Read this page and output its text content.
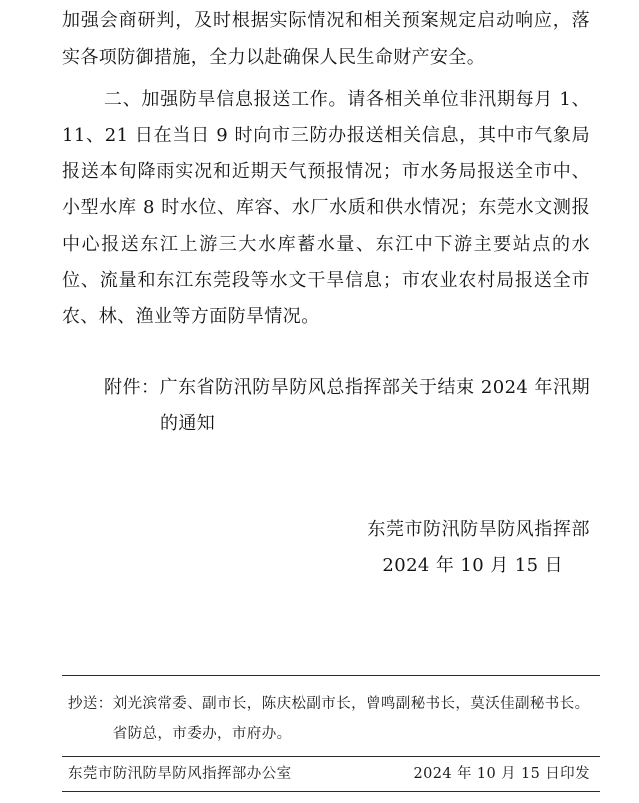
加强会商研判，及时根据实际情况和相关预案规定启动响应，落
实各项防御措施，全力以赴确保人民生命财产安全。
二、加强防旱信息报送工作。请各相关单位非汛期每月 1、
11、21 日在当日 9 时向市三防办报送相关信息，其中市气象局
报送本旬降雨实况和近期天气预报情况；市水务局报送全市中、
小型水库 8 时水位、库容、水厂水质和供水情况；东莞水文测报
中心报送东江上游三大水库蓄水量、东江中下游主要站点的水
位、流量和东江东莞段等水文干旱信息；市农业农村局报送全市
农、林、渔业等方面防旱情况。
附件：广东省防汛防旱防风总指挥部关于结束 2024 年汛期
的通知
东莞市防汛防旱防风指挥部
2024 年 10 月 15 日
抄送： 刘光滨常委、副市长，陈庆松副市长，曾鸣副秘书长，莫沃佳副秘书长。
省防总，市委办，市府办。
东莞市防汛防旱防风指挥部办公室	2024 年 10 月 15 日印发
